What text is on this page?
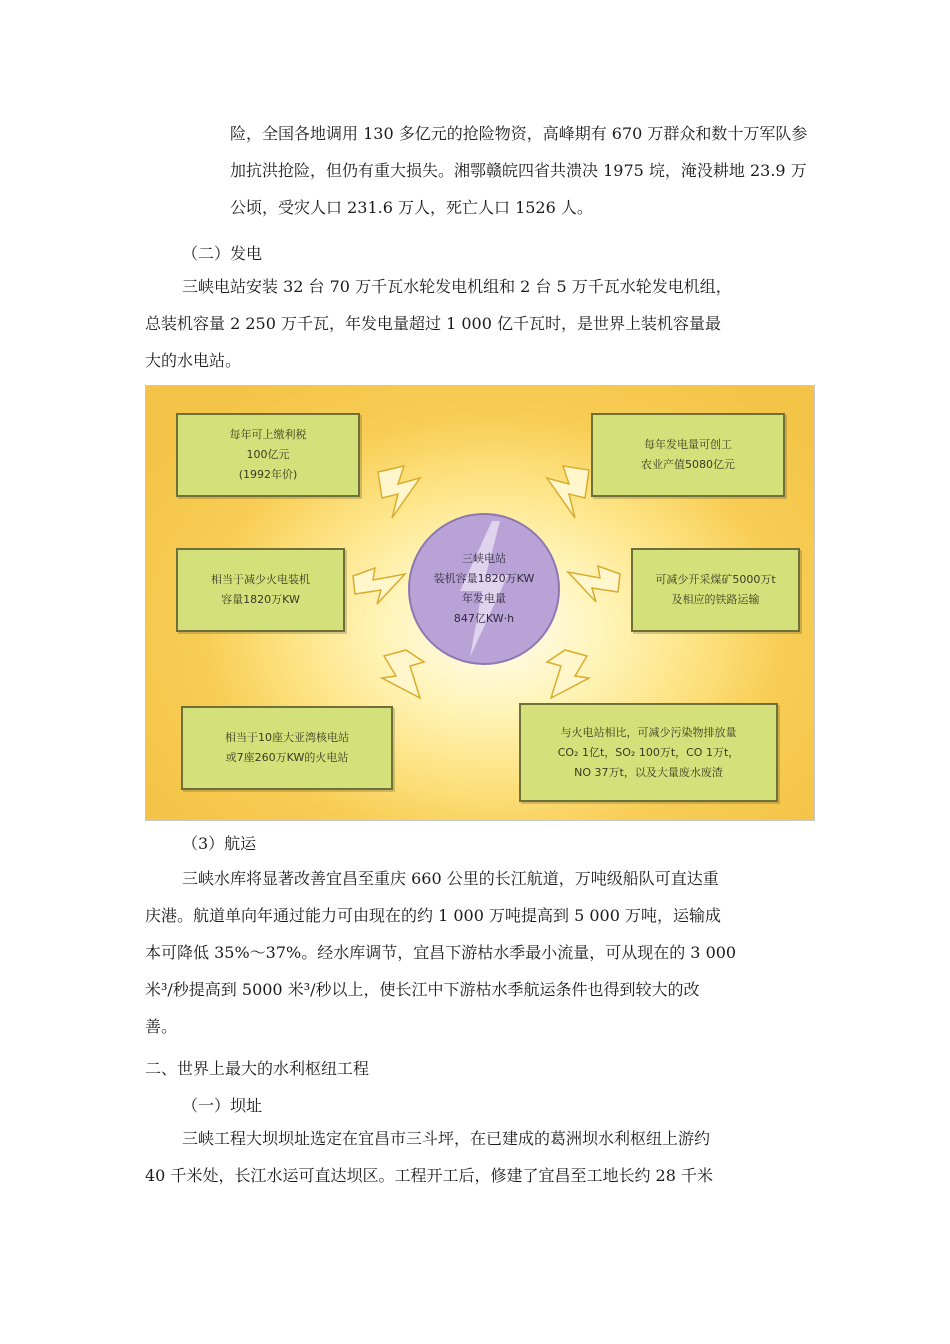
险，全国各地调用 130 多亿元的抢险物资，高峰期有 670 万群众和数十万军队参
加抗洪抢险，但仍有重大损失。湘鄂赣皖四省共溃决 1975 垸，淹没耕地 23.9 万
公顷，受灾人口 231.6 万人，死亡人口 1526 人。
（二）发电
三峡电站安装 32 台 70 万千瓦水轮发电机组和 2 台 5 万千瓦水轮发电机组，
总装机容量 2 250 万千瓦，年发电量超过 1 000 亿千瓦时，是世界上装机容量最
大的水电站。
每年可上缴利税
100亿元
(1992年价)
每年发电量可创工
农业产值5080亿元
相当于减少火电装机
容量1820万KW
可减少开采煤矿5000万t
及相应的铁路运输
相当于10座大亚湾核电站
或7座260万KW的火电站
与火电站相比，可减少污染物排放量
CO₂ 1亿t，SO₂ 100万t，CO 1万t，
NO 37万t，以及大量废水废渣
三峡电站
装机容量1820万KW
年发电量
847亿KW·h
（3）航运
三峡水库将显著改善宜昌至重庆 660 公里的长江航道，万吨级船队可直达重
庆港。航道单向年通过能力可由现在的约 1 000 万吨提高到 5 000 万吨，运输成
本可降低 35%～37%。经水库调节，宜昌下游枯水季最小流量，可从现在的 3 000
米³/秒提高到 5000 米³/秒以上，使长江中下游枯水季航运条件也得到较大的改
善。
二、世界上最大的水利枢纽工程
（一）坝址
三峡工程大坝坝址选定在宜昌市三斗坪，在已建成的葛洲坝水利枢纽上游约
40 千米处，长江水运可直达坝区。工程开工后，修建了宜昌至工地长约 28 千米
